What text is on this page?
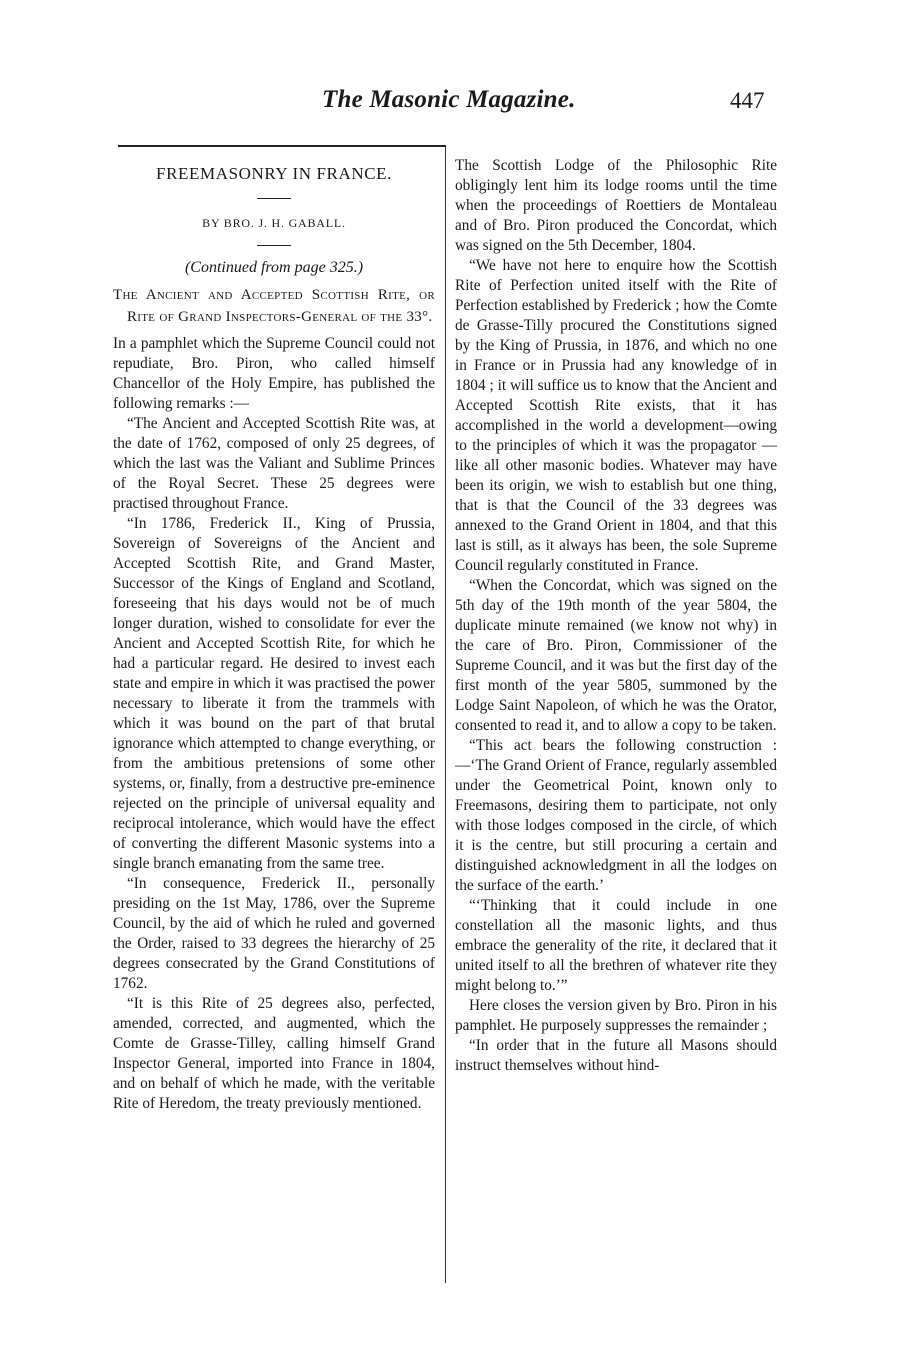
The Masonic Magazine.	447
FREEMASONRY IN FRANCE.
BY BRO. J. H. GABALL.
(Continued from page 325.)
The Ancient and Accepted Scottish Rite, or Rite of Grand Inspectors-General of the 33°.

In a pamphlet which the Supreme Council could not repudiate, Bro. Piron, who called himself Chancellor of the Holy Empire, has published the following remarks :—

“The Ancient and Accepted Scottish Rite was, at the date of 1762, composed of only 25 degrees, of which the last was the Valiant and Sublime Princes of the Royal Secret. These 25 degrees were practised throughout France.

“In 1786, Frederick II., King of Prussia, Sovereign of Sovereigns of the Ancient and Accepted Scottish Rite, and Grand Master, Successor of the Kings of England and Scotland, foreseeing that his days would not be of much longer duration, wished to consolidate for ever the Ancient and Accepted Scottish Rite, for which he had a particular regard. He desired to invest each state and empire in which it was practised the power necessary to liberate it from the trammels with which it was bound on the part of that brutal ignorance which attempted to change everything, or from the ambitious pretensions of some other systems, or, finally, from a destructive pre-eminence rejected on the principle of universal equality and reciprocal intolerance, which would have the effect of converting the different Masonic systems into a single branch emanating from the same tree.

“In consequence, Frederick II., personally presiding on the 1st May, 1786, over the Supreme Council, by the aid of which he ruled and governed the Order, raised to 33 degrees the hierarchy of 25 degrees consecrated by the Grand Constitutions of 1762.

“It is this Rite of 25 degrees also, perfected, amended, corrected, and augmented, which the Comte de Grasse-Tilley, calling himself Grand Inspector General, imported into France in 1804, and on behalf of which he made, with the veritable Rite of Heredom, the treaty previously mentioned.

The Scottish Lodge of the Philosophic Rite obligingly lent him its lodge rooms until the time when the proceedings of Roettiers de Montaleau and of Bro. Piron produced the Concordat, which was signed on the 5th December, 1804.

“We have not here to enquire how the Scottish Rite of Perfection united itself with the Rite of Perfection established by Frederick ; how the Comte de Grasse-Tilly procured the Constitutions signed by the King of Prussia, in 1876, and which no one in France or in Prussia had any knowledge of in 1804 ; it will suffice us to know that the Ancient and Accepted Scottish Rite exists, that it has accomplished in the world a development—owing to the principles of which it was the propagator —like all other masonic bodies. Whatever may have been its origin, we wish to establish but one thing, that is that the Council of the 33 degrees was annexed to the Grand Orient in 1804, and that this last is still, as it always has been, the sole Supreme Council regularly constituted in France.

“When the Concordat, which was signed on the 5th day of the 19th month of the year 5804, the duplicate minute remained (we know not why) in the care of Bro. Piron, Commissioner of the Supreme Council, and it was but the first day of the first month of the year 5805, summoned by the Lodge Saint Napoleon, of which he was the Orator, consented to read it, and to allow a copy to be taken.

“This act bears the following construction :—‘The Grand Orient of France, regularly assembled under the Geometrical Point, known only to Freemasons, desiring them to participate, not only with those lodges composed in the circle, of which it is the centre, but still procuring a certain and distinguished acknowledgment in all the lodges on the surface of the earth.’

“‘Thinking that it could include in one constellation all the masonic lights, and thus embrace the generality of the rite, it declared that it united itself to all the brethren of whatever rite they might belong to.’”

Here closes the version given by Bro. Piron in his pamphlet. He purposely suppresses the remainder ;

“In order that in the future all Masons should instruct themselves without hind-
